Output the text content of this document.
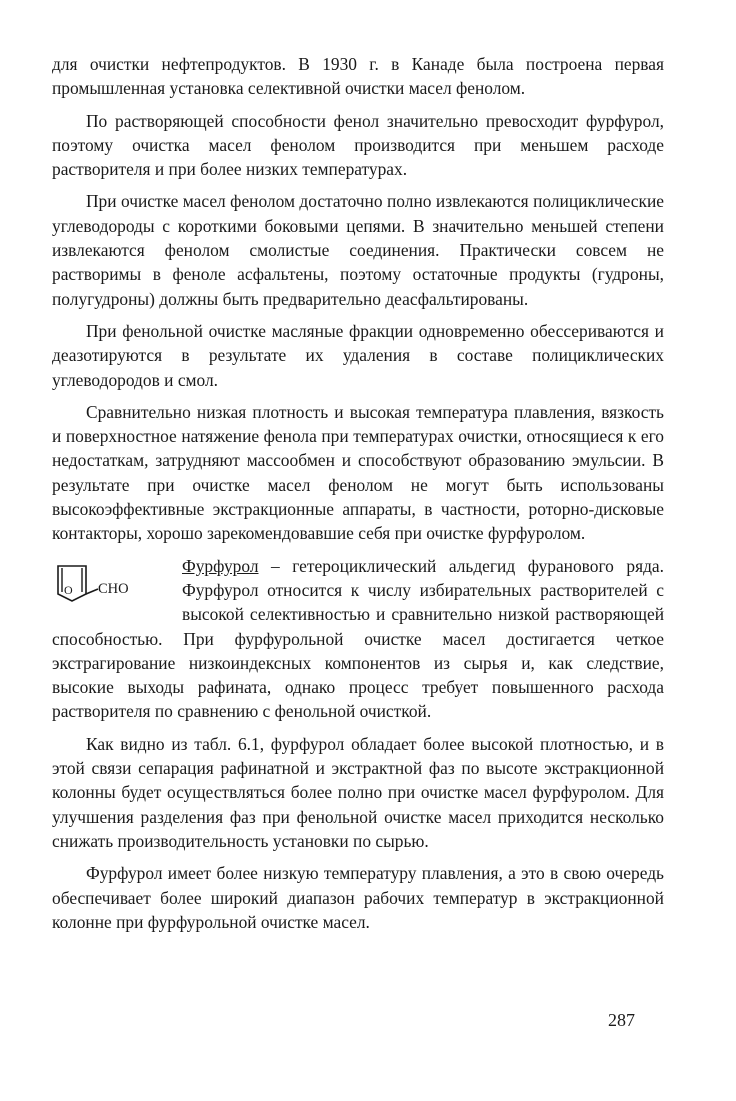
для очистки нефтепродуктов. В 1930 г. в Канаде была построена первая промышленная установка селективной очистки масел фенолом.

По растворяющей способности фенол значительно превосходит фурфурол, поэтому очистка масел фенолом производится при меньшем расходе растворителя и при более низких температурах.

При очистке масел фенолом достаточно полно извлекаются полициклические углеводороды с короткими боковыми цепями. В значительно меньшей степени извлекаются фенолом смолистые соединения. Практически совсем не растворимы в феноле асфальтены, поэтому остаточные продукты (гудроны, полугудроны) должны быть предварительно деасфальтированы.

При фенольной очистке масляные фракции одновременно обессериваются и деазотируются в результате их удаления в составе полициклических углеводородов и смол.

Сравнительно низкая плотность и высокая температура плавления, вязкость и поверхностное натяжение фенола при температурах очистки, относящиеся к его недостаткам, затрудняют массообмен и способствуют образованию эмульсии. В результате при очистке масел фенолом не могут быть использованы высокоэффективные экстракционные аппараты, в частности, роторно-дисковые контакторы, хорошо зарекомендовавшие себя при очистке фурфуролом.

O CHO

Фурфурол – гетероциклический альдегид фуранового ряда. Фурфурол относится к числу избирательных растворителей с высокой селективностью и сравнительно низкой растворяющей способностью. При фурфурольной очистке масел достигается четкое экстрагирование низкоиндексных компонентов из сырья и, как следствие, высокие выходы рафината, однако процесс требует повышенного расхода растворителя по сравнению с фенольной очисткой.

Как видно из табл. 6.1, фурфурол обладает более высокой плотностью, и в этой связи сепарация рафинатной и экстрактной фаз по высоте экстракционной колонны будет осуществляться более полно при очистке масел фурфуролом. Для улучшения разделения фаз при фенольной очистке масел приходится несколько снижать производительность установки по сырью.

Фурфурол имеет более низкую температуру плавления, а это в свою очередь обеспечивает более широкий диапазон рабочих температур в экстракционной колонне при фурфурольной очистке масел.

287
